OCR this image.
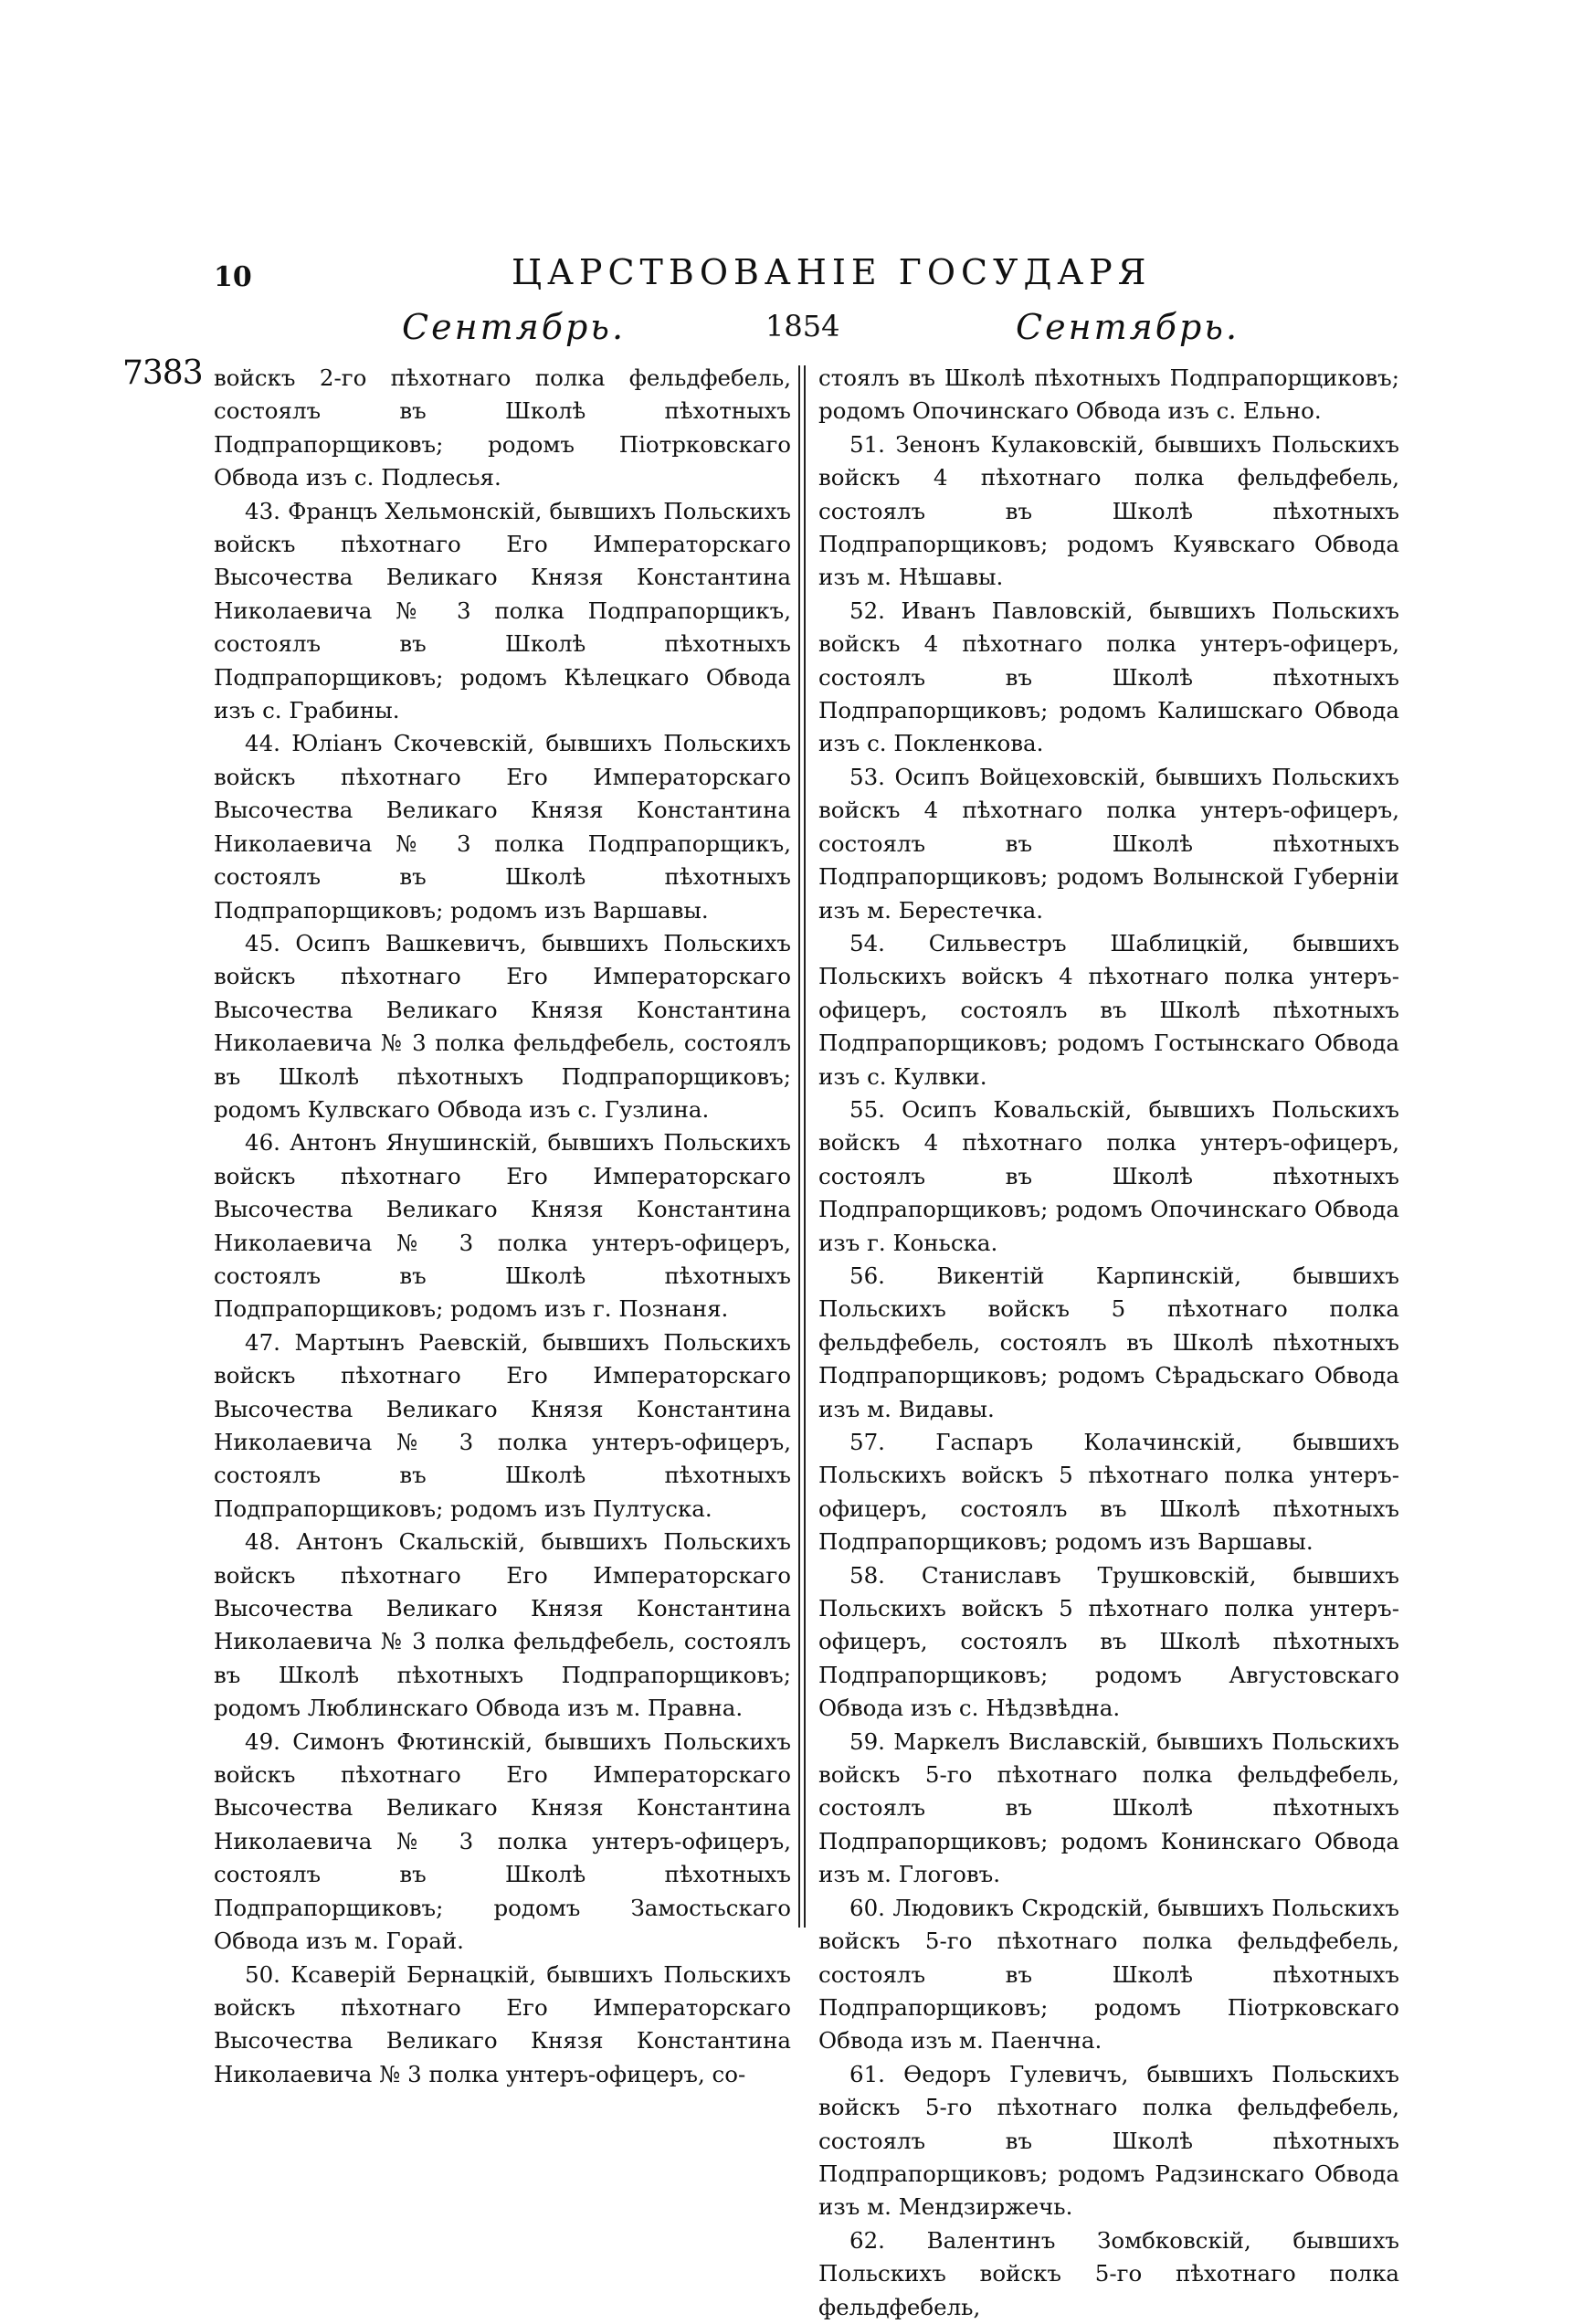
10	ЦАРСТВОВАНІЕ ГОСУДАРЯ
Сентябрь.	1854	Сентябрь.
7383 войскъ 2-го пѣхотнаго полка фельдфебель, состоялъ въ Школѣ пѣхотныхъ Подпрапорщиковъ; родомъ Піотрковскаго Обвода изъ с. Подлесья.

43. Францъ Хельмонскій, бывшихъ Польскихъ войскъ пѣхотнаго Его Императорскаго Высочества Великаго Князя Константина Николаевича № 3 полка Подпрапорщикъ, состоялъ въ Школѣ пѣхотныхъ Подпрапорщиковъ; родомъ Кѣлецкаго Обвода изъ с. Грабины.

44. Юліанъ Скочевскій, бывшихъ Польскихъ войскъ пѣхотнаго Его Императорскаго Высочества Великаго Князя Константина Николаевича № 3 полка Подпрапорщикъ, состоялъ въ Школѣ пѣхотныхъ Подпрапорщиковъ; родомъ изъ Варшавы.

45. Осипъ Вашкевичъ, бывшихъ Польскихъ войскъ пѣхотнаго Его Императорскаго Высочества Великаго Князя Константина Николаевича № 3 полка фельдфебель, состоялъ въ Школѣ пѣхотныхъ Подпрапорщиковъ; родомъ Кулвскаго Обвода изъ с. Гузлина.

46. Антонъ Янушинскій, бывшихъ Польскихъ войскъ пѣхотнаго Его Императорскаго Высочества Великаго Князя Константина Николаевича № 3 полка унтеръ-офицеръ, состоялъ въ Школѣ пѣхотныхъ Подпрапорщиковъ; родомъ изъ г. Познаня.

47. Мартынъ Раевскій, бывшихъ Польскихъ войскъ пѣхотнаго Его Императорскаго Высочества Великаго Князя Константина Николаевича № 3 полка унтеръ-офицеръ, состоялъ въ Школѣ пѣхотныхъ Подпрапорщиковъ; родомъ изъ Пултуска.

48. Антонъ Скальскій, бывшихъ Польскихъ войскъ пѣхотнаго Его Императорскаго Высочества Великаго Князя Константина Николаевича № 3 полка фельдфебель, состоялъ въ Школѣ пѣхотныхъ Подпрапорщиковъ; родомъ Люблинскаго Обвода изъ м. Правна.

49. Симонъ Фютинскій, бывшихъ Польскихъ войскъ пѣхотнаго Его Императорскаго Высочества Великаго Князя Константина Николаевича № 3 полка унтеръ-офицеръ, состоялъ въ Школѣ пѣхотныхъ Подпрапорщиковъ; родомъ Замостьскаго Обвода изъ м. Горай.

50. Ксаверій Бернацкій, бывшихъ Польскихъ войскъ пѣхотнаго Его Императорскаго Высочества Великаго Князя Константина Николаевича № 3 полка унтеръ-офицеръ, со-

стоялъ въ Школѣ пѣхотныхъ Подпрапорщиковъ; родомъ Опочинскаго Обвода изъ с. Ельно.

51. Зенонъ Кулаковскій, бывшихъ Польскихъ войскъ 4 пѣхотнаго полка фельдфебель, состоялъ въ Школѣ пѣхотныхъ Подпрапорщиковъ; родомъ Куявскаго Обвода изъ м. Нѣшавы.

52. Иванъ Павловскій, бывшихъ Польскихъ войскъ 4 пѣхотнаго полка унтеръ-офицеръ, состоялъ въ Школѣ пѣхотныхъ Подпрапорщиковъ; родомъ Калишскаго Обвода изъ с. Покленкова.

53. Осипъ Войцеховскій, бывшихъ Польскихъ войскъ 4 пѣхотнаго полка унтеръ-офицеръ, состоялъ въ Школѣ пѣхотныхъ Подпрапорщиковъ; родомъ Волынской Губерніи изъ м. Берестечка.

54. Сильвестръ Шаблицкій, бывшихъ Польскихъ войскъ 4 пѣхотнаго полка унтеръ-офицеръ, состоялъ въ Школѣ пѣхотныхъ Подпрапорщиковъ; родомъ Гостынскаго Обвода изъ с. Кулвки.

55. Осипъ Ковальскій, бывшихъ Польскихъ войскъ 4 пѣхотнаго полка унтеръ-офицеръ, состоялъ въ Школѣ пѣхотныхъ Подпрапорщиковъ; родомъ Опочинскаго Обвода изъ г. Коньска.

56. Викентій Карпинскій, бывшихъ Польскихъ войскъ 5 пѣхотнаго полка фельдфебель, состоялъ въ Школѣ пѣхотныхъ Подпрапорщиковъ; родомъ Сѣрадьскаго Обвода изъ м. Видавы.

57. Гаспаръ Колачинскій, бывшихъ Польскихъ войскъ 5 пѣхотнаго полка унтеръ-офицеръ, состоялъ въ Школѣ пѣхотныхъ Подпрапорщиковъ; родомъ изъ Варшавы.

58. Станиславъ Трушковскій, бывшихъ Польскихъ войскъ 5 пѣхотнаго полка унтеръ-офицеръ, состоялъ въ Школѣ пѣхотныхъ Подпрапорщиковъ; родомъ Августовскаго Обвода изъ с. Нѣдзвѣдна.

59. Маркелъ Виславскій, бывшихъ Польскихъ войскъ 5-го пѣхотнаго полка фельдфебель, состоялъ въ Школѣ пѣхотныхъ Подпрапорщиковъ; родомъ Конинскаго Обвода изъ м. Глоговъ.

60. Людовикъ Скродскій, бывшихъ Польскихъ войскъ 5-го пѣхотнаго полка фельдфебель, состоялъ въ Школѣ пѣхотныхъ Подпрапорщиковъ; родомъ Піотрковскаго Обвода изъ м. Паенчна.

61. Ѳедоръ Гулевичъ, бывшихъ Польскихъ войскъ 5-го пѣхотнаго полка фельдфебель, состоялъ въ Школѣ пѣхотныхъ Подпрапорщиковъ; родомъ Радзинскаго Обвода изъ м. Мендзиржечь.

62. Валентинъ Зомбковскій, бывшихъ Польскихъ войскъ 5-го пѣхотнаго полка фельдфебель,
